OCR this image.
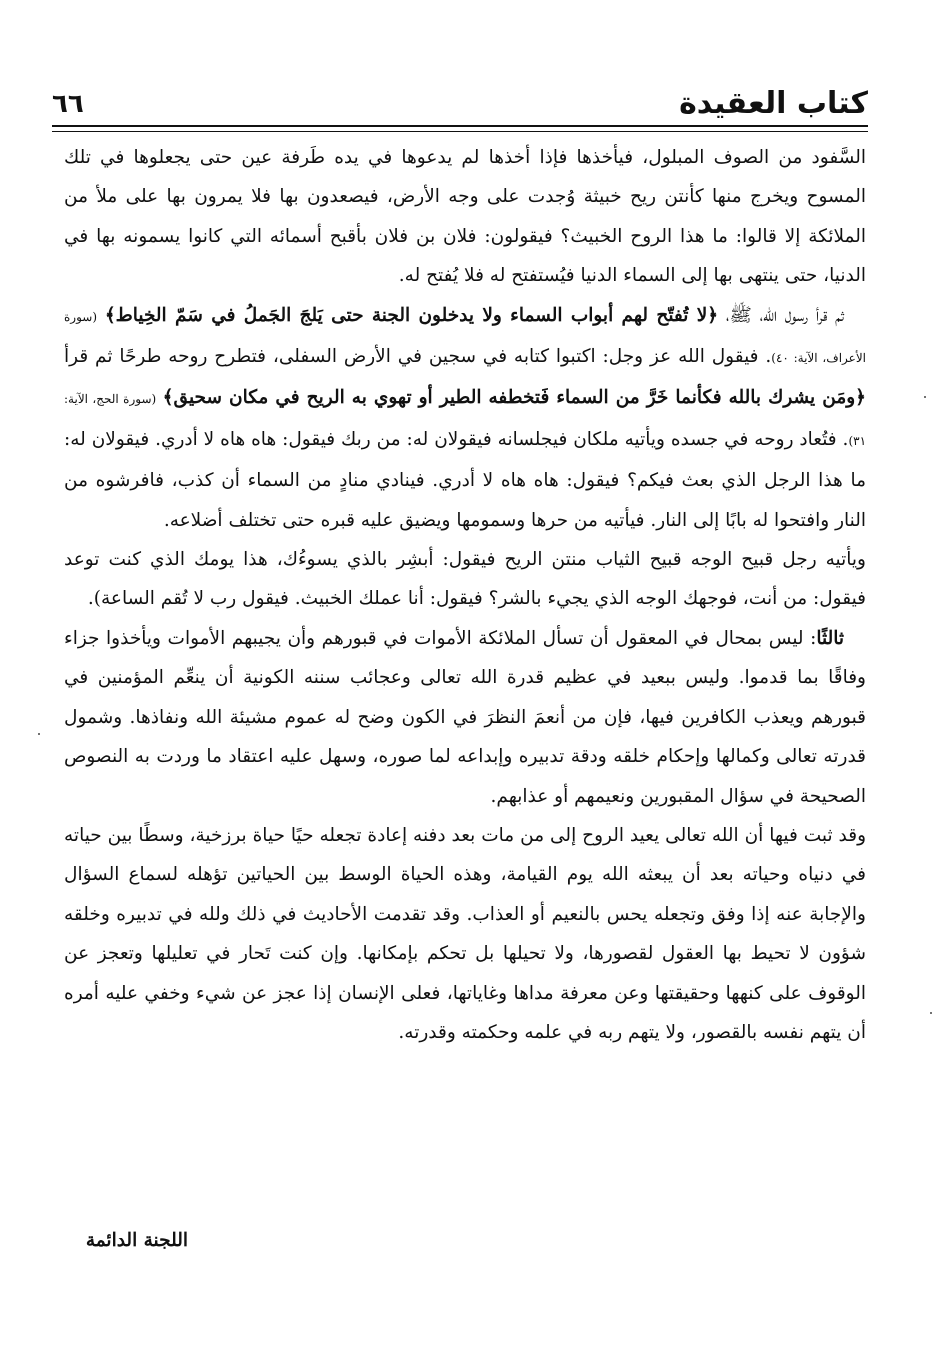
كتاب العقيدة
٦٦

السَّفود من الصوف المبلول، فيأخذها فإذا أخذها لم يدعوها في يده طَرفة عين حتى يجعلوها في تلك المسوح ويخرج منها كأنتن ريح خبيثة وُجدت على وجه الأرض، فيصعدون بها فلا يمرون بها على ملأ من الملائكة إلا قالوا: ما هذا الروح الخبيث؟ فيقولون: فلان بن فلان بأقبح أسمائه التي كانوا يسمونه بها في الدنيا، حتى ينتهى بها إلى السماء الدنيا فيُستفتح له فلا يُفتح له.

ثم قرأ رسول الله، ﷺ، ﴿لا تُفتّح لهم أبواب السماء ولا يدخلون الجنة حتى يَلجَ الجَملُ في سَمّ الخِياط﴾ (سورة الأعراف، الآية: ٤٠). فيقول الله عز وجل: اكتبوا كتابه في سجين في الأرض السفلى، فتطرح روحه طرحًا ثم قرأ ﴿ومَن يشرك بالله فكأنما خَرَّ من السماء فَتخطفه الطير أو تهوي به الريح في مكان سحيق﴾ (سورة الحج، الآية: ٣١). فتُعاد روحه في جسده ويأتيه ملكان فيجلسانه فيقولان له: من ربك فيقول: هاه هاه لا أدري. فيقولان له: ما هذا الرجل الذي بعث فيكم؟ فيقول: هاه هاه لا أدري. فينادي منادٍ من السماء أن كذب، فافرشوه من النار وافتحوا له بابًا إلى النار. فيأتيه من حرها وسمومها ويضيق عليه قبره حتى تختلف أضلاعه.

ويأتيه رجل قبيح الوجه قبيح الثياب منتن الريح فيقول: أبشِر بالذي يسوءُك، هذا يومك الذي كنت توعد فيقول: من أنت، فوجهك الوجه الذي يجيء بالشر؟ فيقول: أنا عملك الخبيث. فيقول رب لا تُقم الساعة).

ثالثًا: ليس بمحال في المعقول أن تسأل الملائكة الأموات في قبورهم وأن يجيبهم الأموات ويأخذوا جزاء وفاقًا بما قدموا. وليس ببعيد في عظيم قدرة الله تعالى وعجائب سننه الكونية أن ينعِّم المؤمنين في قبورهم ويعذب الكافرين فيها، فإن من أنعمَ النظرَ في الكون وضح له عموم مشيئة الله ونفاذها. وشمول قدرته تعالى وكمالها وإحكام خلقه ودقة تدبيره وإبداعه لما صوره، وسهل عليه اعتقاد ما وردت به النصوص الصحيحة في سؤال المقبورين ونعيمهم أو عذابهم.

وقد ثبت فيها أن الله تعالى يعيد الروح إلى من مات بعد دفنه إعادة تجعله حيًا حياة برزخية، وسطًا بين حياته في دنياه وحياته بعد أن يبعثه الله يوم القيامة، وهذه الحياة الوسط بين الحياتين تؤهله لسماع السؤال والإجابة عنه إذا وفق وتجعله يحس بالنعيم أو العذاب. وقد تقدمت الأحاديث في ذلك ولله في تدبيره وخلقه شؤون لا تحيط بها العقول لقصورها، ولا تحيلها بل تحكم بإمكانها. وإن كنت تَحار في تعليلها وتعجز عن الوقوف على كنهها وحقيقتها وعن معرفة مداها وغاياتها، فعلى الإنسان إذا عجز عن شيء وخفي عليه أمره أن يتهم نفسه بالقصور، ولا يتهم ربه في علمه وحكمته وقدرته.

اللجنة الدائمة
